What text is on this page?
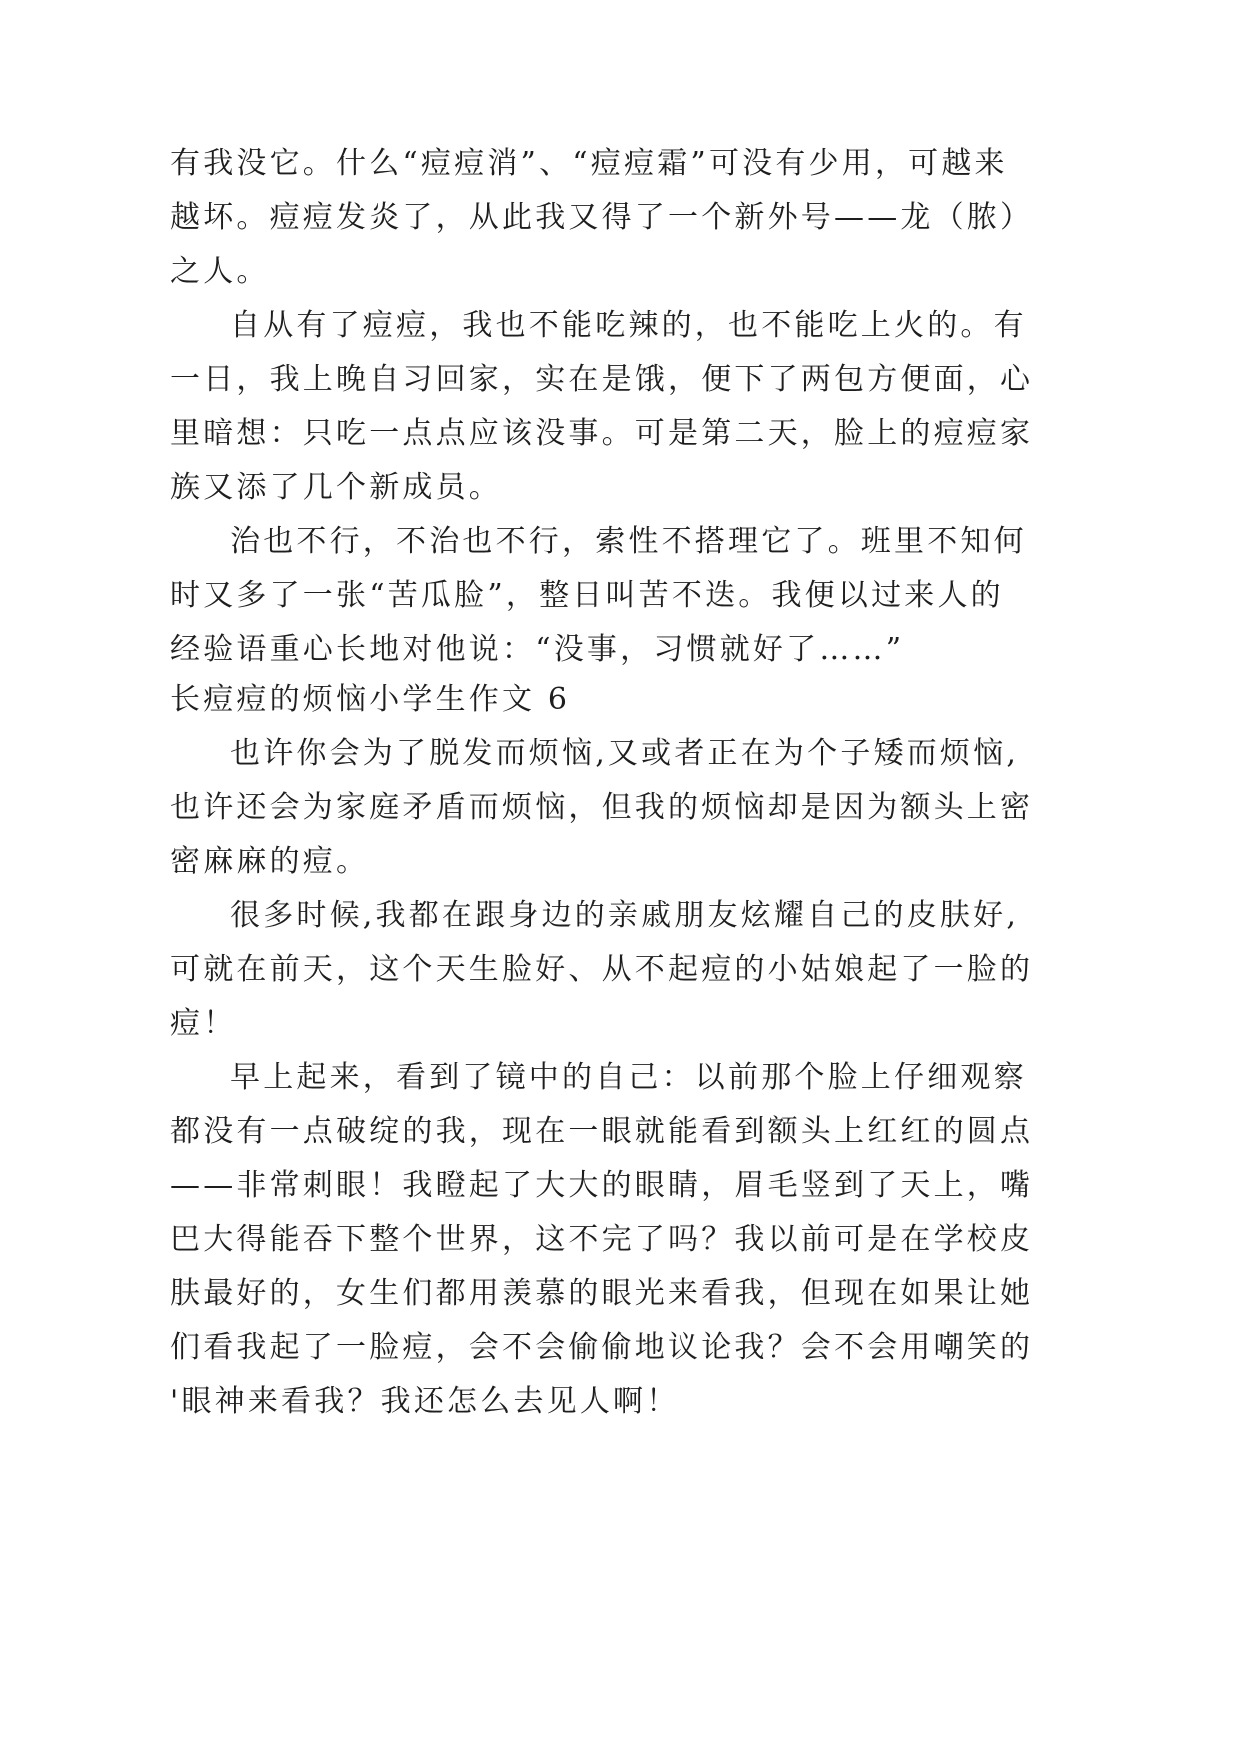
有我没它。什么“痘痘消”、“痘痘霜”可没有少用，可越来
越坏。痘痘发炎了，从此我又得了一个新外号——龙（脓）
之人。
自从有了痘痘，我也不能吃辣的，也不能吃上火的。有
一日，我上晚自习回家，实在是饿，便下了两包方便面，心
里暗想：只吃一点点应该没事。可是第二天，脸上的痘痘家
族又添了几个新成员。
治也不行，不治也不行，索性不搭理它了。班里不知何
时又多了一张“苦瓜脸”，整日叫苦不迭。我便以过来人的
经验语重心长地对他说：“没事，习惯就好了……”
长痘痘的烦恼小学生作文 6
也许你会为了脱发而烦恼,又或者正在为个子矮而烦恼,
也许还会为家庭矛盾而烦恼，但我的烦恼却是因为额头上密
密麻麻的痘。
很多时候,我都在跟身边的亲戚朋友炫耀自己的皮肤好,
可就在前天，这个天生脸好、从不起痘的小姑娘起了一脸的
痘！
早上起来，看到了镜中的自己：以前那个脸上仔细观察
都没有一点破绽的我，现在一眼就能看到额头上红红的圆点
——非常刺眼！我瞪起了大大的眼睛，眉毛竖到了天上，嘴
巴大得能吞下整个世界，这不完了吗？我以前可是在学校皮
肤最好的，女生们都用羡慕的眼光来看我，但现在如果让她
们看我起了一脸痘，会不会偷偷地议论我？会不会用嘲笑的
'眼神来看我？我还怎么去见人啊！
